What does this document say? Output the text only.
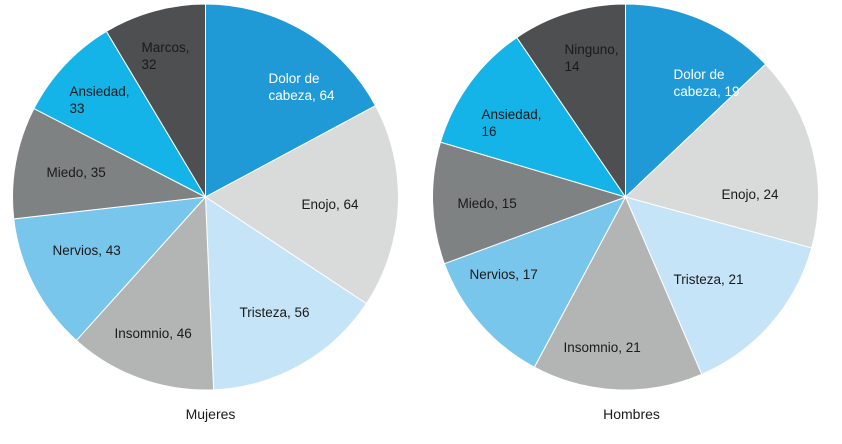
Dolor de cabeza, 64
Enojo, 64
Tristeza, 56
Insomnio, 46
Nervios, 43
Miedo, 35
Ansiedad, 33
Marcos, 32
Mujeres
Dolor de cabeza, 19
Enojo, 24
Tristeza, 21
Insomnio, 21
Nervios, 17
Miedo, 15
Ansiedad, 16
Ninguno, 14
Hombres
